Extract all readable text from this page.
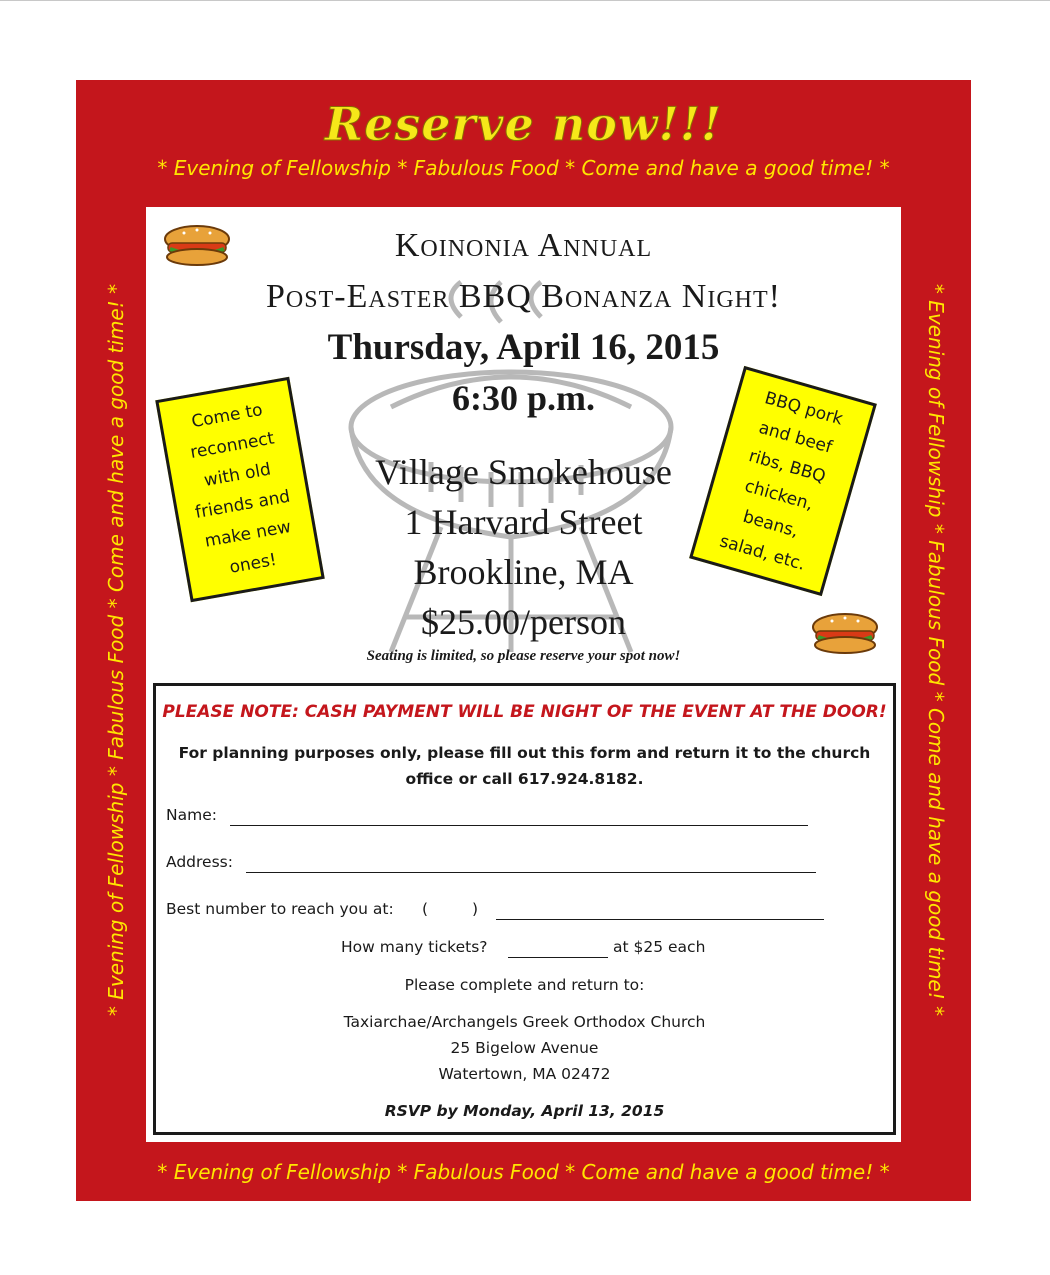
Reserve now!!!
* Evening of Fellowship * Fabulous Food * Come and have a good time! *
* Evening of Fellowship * Fabulous Food * Come and have a good time! *	* Evening of Fellowship * Fabulous Food * Come and have a good time! *
* Evening of Fellowship * Fabulous Food * Come and have a good time! *
Koinonia Annual
Post-Easter BBQ Bonanza Night!
Thursday, April 16, 2015
6:30 p.m.
Village Smokehouse
1 Harvard Street
Brookline, MA
$25.00/person
Seating is limited, so please reserve your spot now!
Come to
reconnect
with old
friends and
make new
ones!
BBQ pork
and beef
ribs, BBQ
chicken,
beans,
salad, etc.
PLEASE NOTE: CASH PAYMENT WILL BE NIGHT OF THE EVENT AT THE DOOR!
For planning purposes only, please fill out this form and return it to the church office or call 617.924.8182.
Name:
Address:
Best number to reach you at: (	)
How many tickets?	at $25 each
Please complete and return to:
Taxiarchae/Archangels Greek Orthodox Church
25 Bigelow Avenue
Watertown, MA 02472
RSVP by Monday, April 13, 2015
